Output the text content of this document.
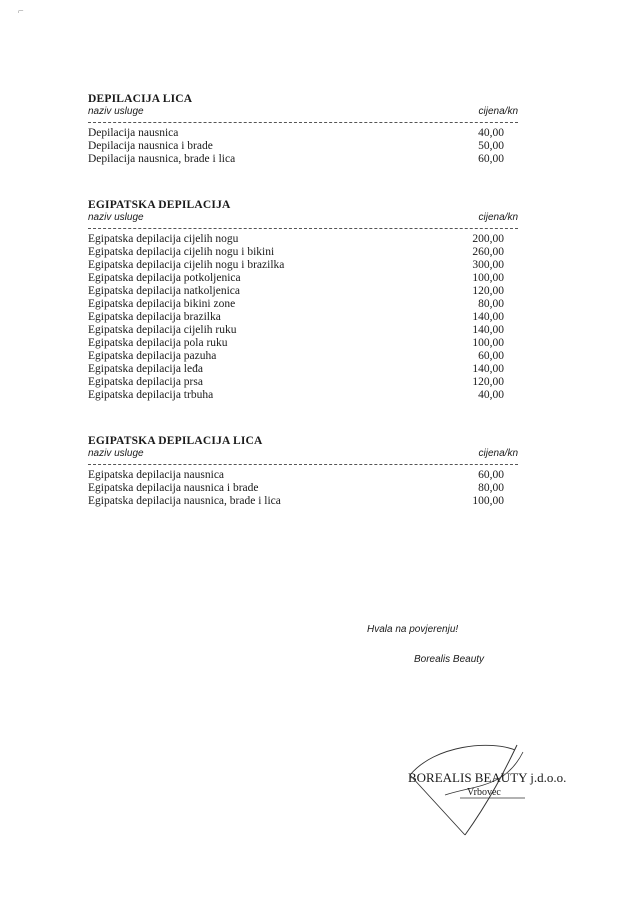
⌐
DEPILACIJA LICA
naziv usluge	cijena/kn
Depilacija nausnica	40,00
Depilacija nausnica i brade	50,00
Depilacija nausnica, brade i lica	60,00
EGIPATSKA DEPILACIJA
naziv usluge	cijena/kn
Egipatska depilacija cijelih nogu	200,00
Egipatska depilacija cijelih nogu i bikini	260,00
Egipatska depilacija cijelih nogu i brazilka	300,00
Egipatska depilacija potkoljenica	100,00
Egipatska depilacija natkoljenica	120,00
Egipatska depilacija bikini zone	80,00
Egipatska depilacija brazilka	140,00
Egipatska depilacija cijelih ruku	140,00
Egipatska depilacija pola ruku	100,00
Egipatska depilacija pazuha	60,00
Egipatska depilacija leđa	140,00
Egipatska depilacija prsa	120,00
Egipatska depilacija trbuha	40,00
EGIPATSKA DEPILACIJA LICA
naziv usluge	cijena/kn
Egipatska depilacija nausnica	60,00
Egipatska depilacija nausnica i brade	80,00
Egipatska depilacija nausnica, brade i lica	100,00
Hvala na povjerenju!
Borealis Beauty
BOREALIS BEAUTY j.d.o.o.
Vrbovec
